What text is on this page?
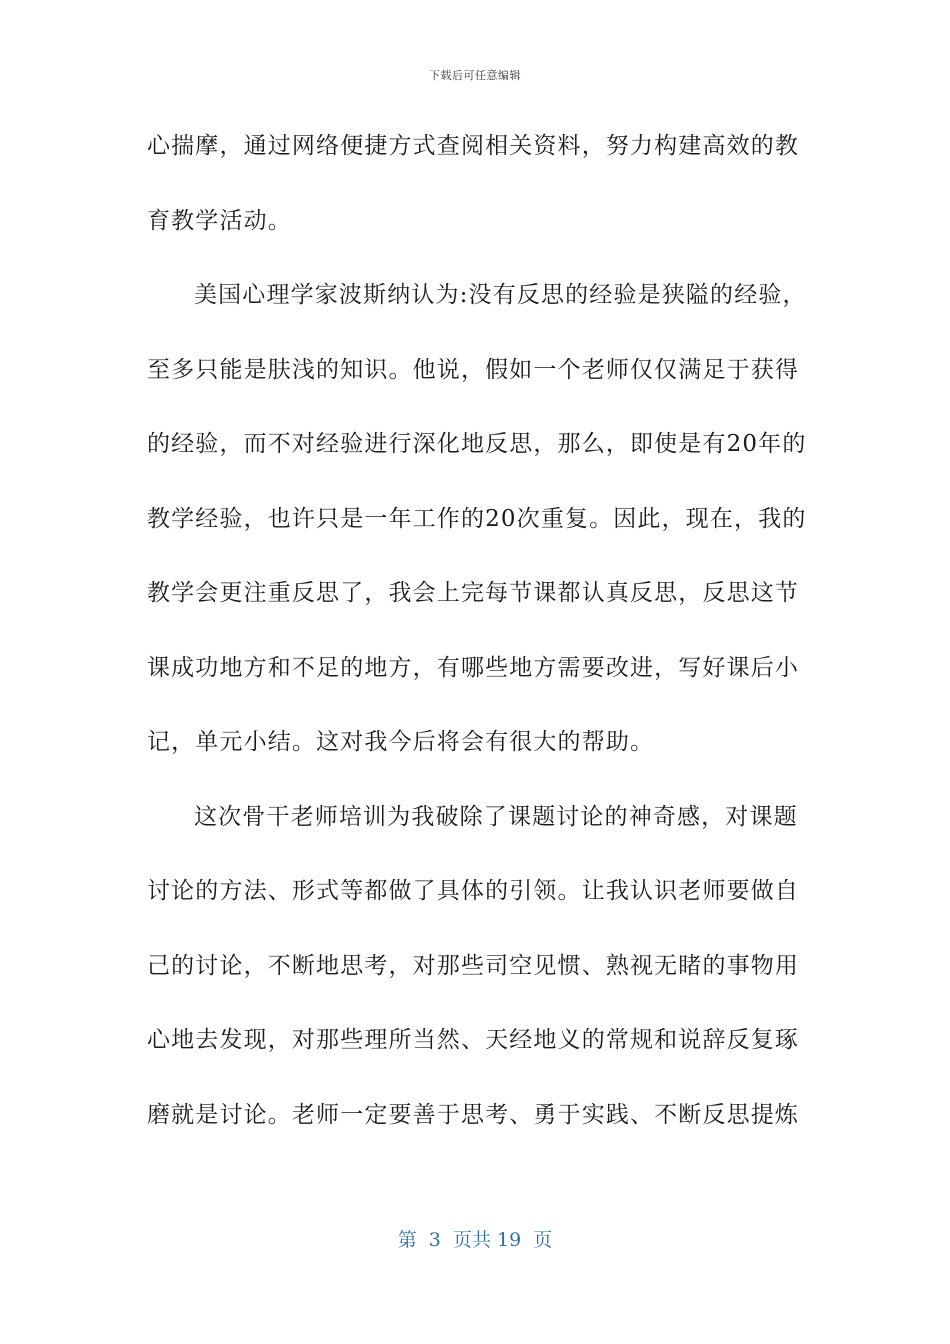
下载后可任意编辑
心揣摩，通过网络便捷方式查阅相关资料，努力构建高效的教
育教学活动。
美国心理学家波斯纳认为:没有反思的经验是狭隘的经验，
至多只能是肤浅的知识。他说，假如一个老师仅仅满足于获得
的经验，而不对经验进行深化地反思，那么，即使是有20年的
教学经验，也许只是一年工作的20次重复。因此，现在，我的
教学会更注重反思了，我会上完每节课都认真反思，反思这节
课成功地方和不足的地方，有哪些地方需要改进，写好课后小
记，单元小结。这对我今后将会有很大的帮助。
这次骨干老师培训为我破除了课题讨论的神奇感，对课题
讨论的方法、形式等都做了具体的引领。让我认识老师要做自
己的讨论，不断地思考，对那些司空见惯、熟视无睹的事物用
心地去发现，对那些理所当然、天经地义的常规和说辞反复琢
磨就是讨论。老师一定要善于思考、勇于实践、不断反思提炼
第  3  页共 19  页
